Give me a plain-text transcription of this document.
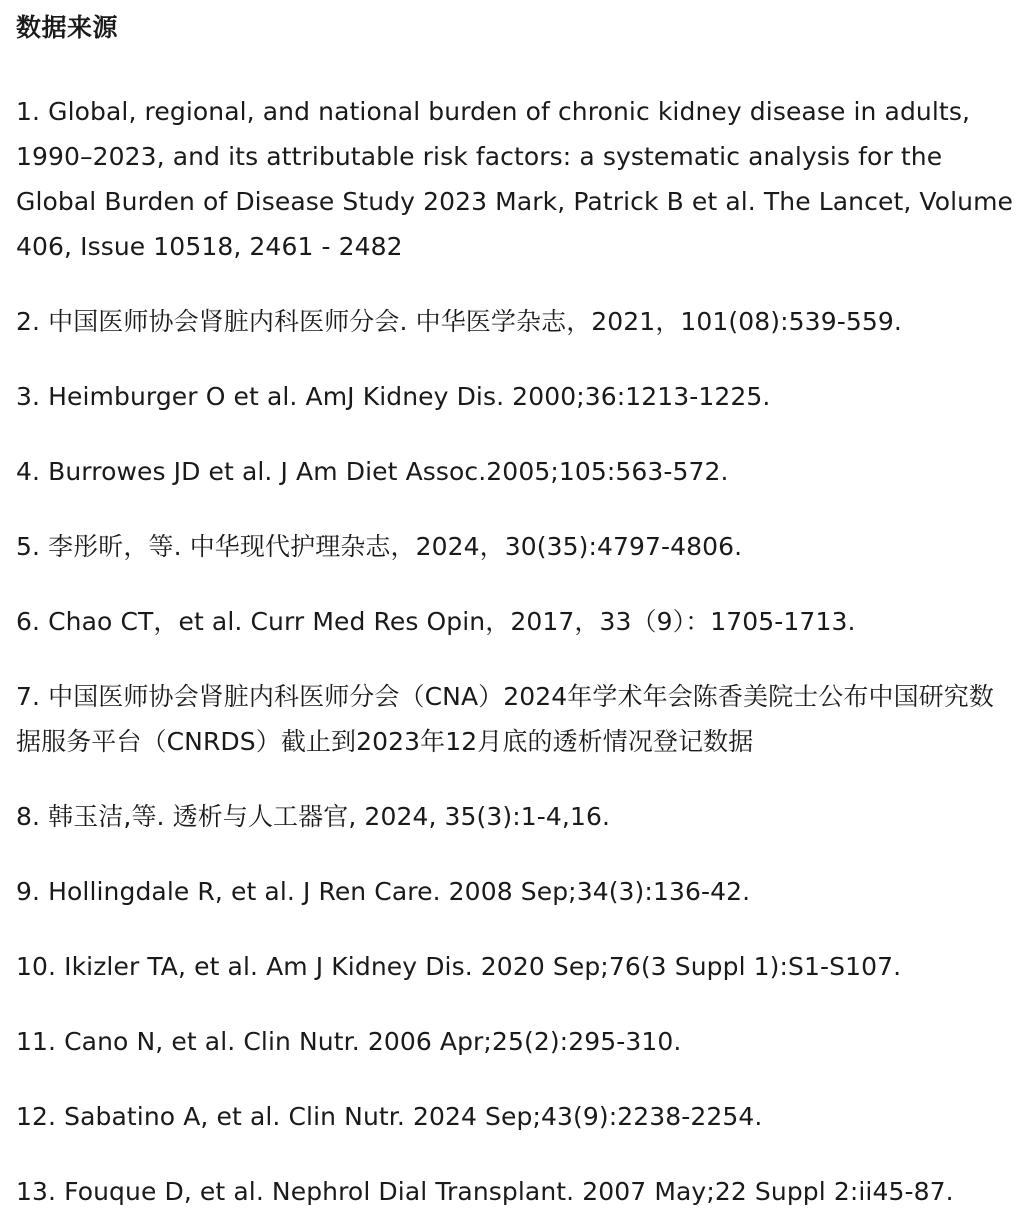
数据来源
1. Global, regional, and national burden of chronic kidney disease in adults, 1990–2023, and its attributable risk factors: a systematic analysis for the Global Burden of Disease Study 2023 Mark, Patrick B et al. The Lancet, Volume 406, Issue 10518, 2461 - 2482
2. 中国医师协会肾脏内科医师分会. 中华医学杂志，2021，101(08):539-559.
3. Heimburger O et al. AmJ Kidney Dis. 2000;36:1213-1225.
4. Burrowes JD et al. J Am Diet Assoc.2005;105:563-572.
5. 李彤昕，等. 中华现代护理杂志，2024，30(35):4797-4806.
6. Chao CT，et al. Curr Med Res Opin，2017，33（9）：1705-1713.
7. 中国医师协会肾脏内科医师分会（CNA）2024年学术年会陈香美院士公布中国研究数据服务平台（CNRDS）截止到2023年12月底的透析情况登记数据
8. 韩玉洁,等. 透析与人工器官, 2024, 35(3):1-4,16.
9. Hollingdale R, et al. J Ren Care. 2008 Sep;34(3):136-42.
10. Ikizler TA, et al. Am J Kidney Dis. 2020 Sep;76(3 Suppl 1):S1-S107.
11. Cano N, et al. Clin Nutr. 2006 Apr;25(2):295-310.
12. Sabatino A, et al. Clin Nutr. 2024 Sep;43(9):2238-2254.
13. Fouque D, et al. Nephrol Dial Transplant. 2007 May;22 Suppl 2:ii45-87.
